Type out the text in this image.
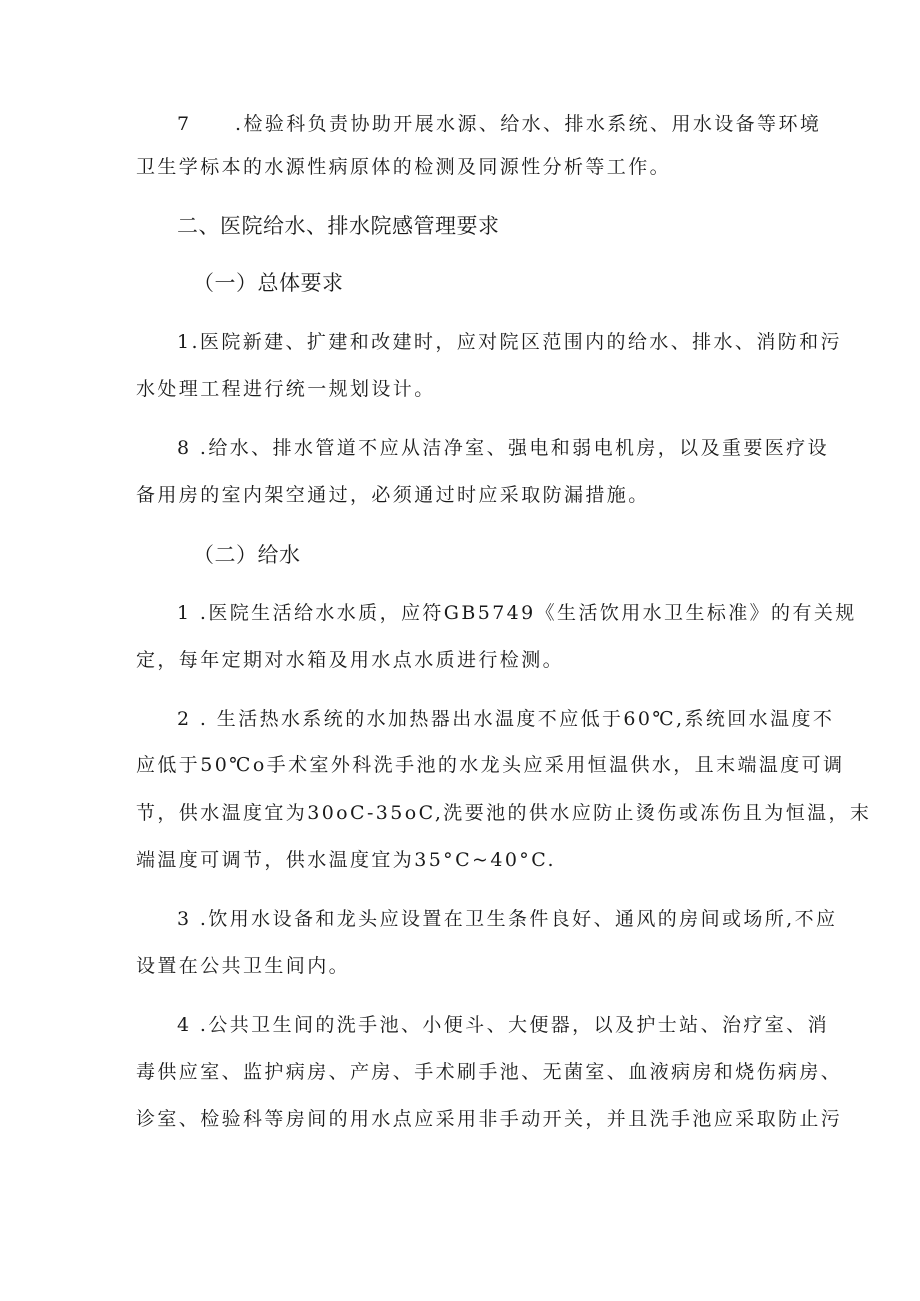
7 .检验科负责协助开展水源、给水、排水系统、用水设备等环境
卫生学标本的水源性病原体的检测及同源性分析等工作。
二、医院给水、排水院感管理要求
（一）总体要求
1.医院新建、扩建和改建时，应对院区范围内的给水、排水、消防和污
水处理工程进行统一规划设计。
8 .给水、排水管道不应从洁净室、强电和弱电机房，以及重要医疗设
备用房的室内架空通过，必须通过时应采取防漏措施。
（二）给水
1 .医院生活给水水质，应符GB5749《生活饮用水卫生标准》的有关规
定，每年定期对水箱及用水点水质进行检测。
2 . 生活热水系统的水加热器出水温度不应低于60℃,系统回水温度不
应低于50℃o手术室外科洗手池的水龙头应采用恒温供水，且末端温度可调
节，供水温度宜为30oC-35oC,洗要池的供水应防止烫伤或冻伤且为恒温，末
端温度可调节，供水温度宜为35°C~40°C.
3 .饮用水设备和龙头应设置在卫生条件良好、通风的房间或场所,不应
设置在公共卫生间内。
4 .公共卫生间的洗手池、小便斗、大便器，以及护士站、治疗室、消
毒供应室、监护病房、产房、手术刷手池、无菌室、血液病房和烧伤病房、
诊室、检验科等房间的用水点应采用非手动开关，并且洗手池应采取防止污
